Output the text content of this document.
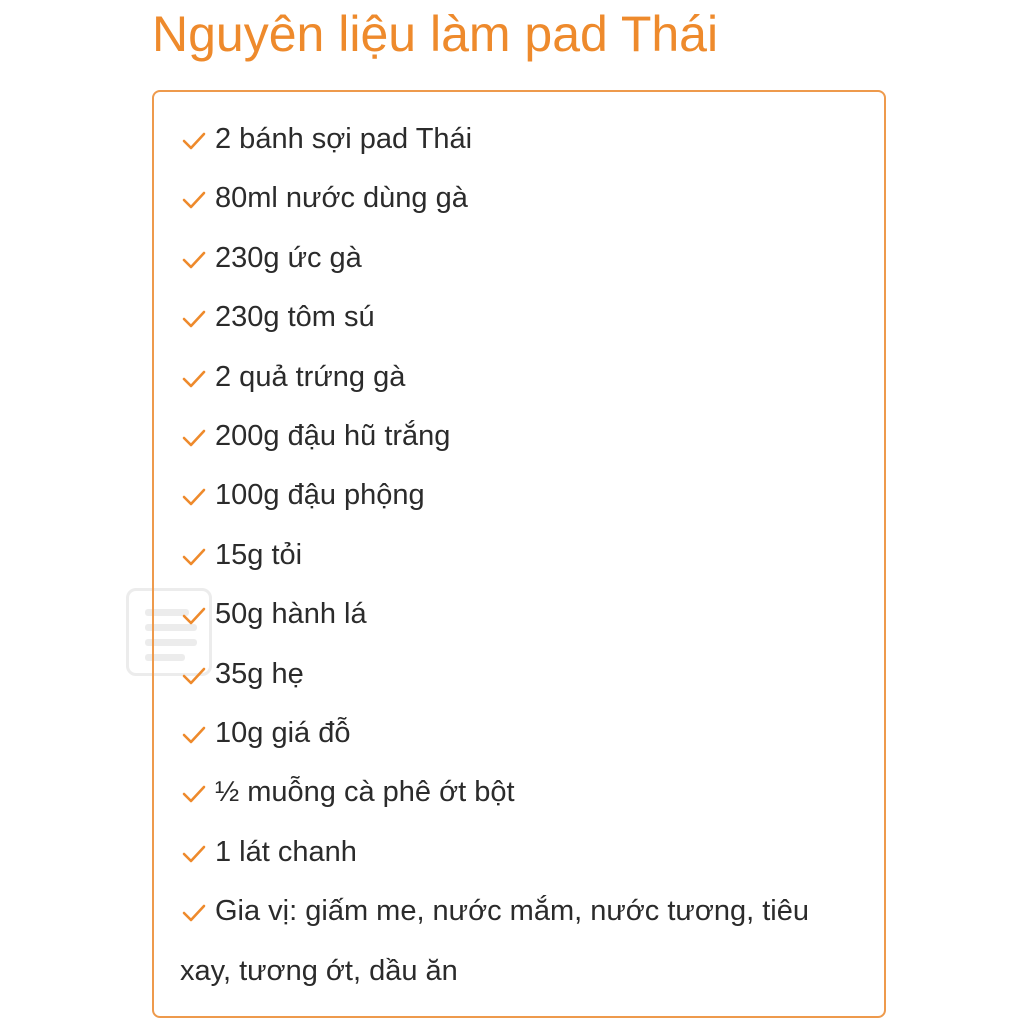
Nguyên liệu làm pad Thái
2 bánh sợi pad Thái
80ml nước dùng gà
230g ức gà
230g tôm sú
2 quả trứng gà
200g đậu hũ trắng
100g đậu phộng
15g tỏi
50g hành lá
35g hẹ
10g giá đỗ
½ muỗng cà phê ớt bột
1 lát chanh
Gia vị: giấm me, nước mắm, nước tương, tiêu xay, tương ớt, dầu ăn
